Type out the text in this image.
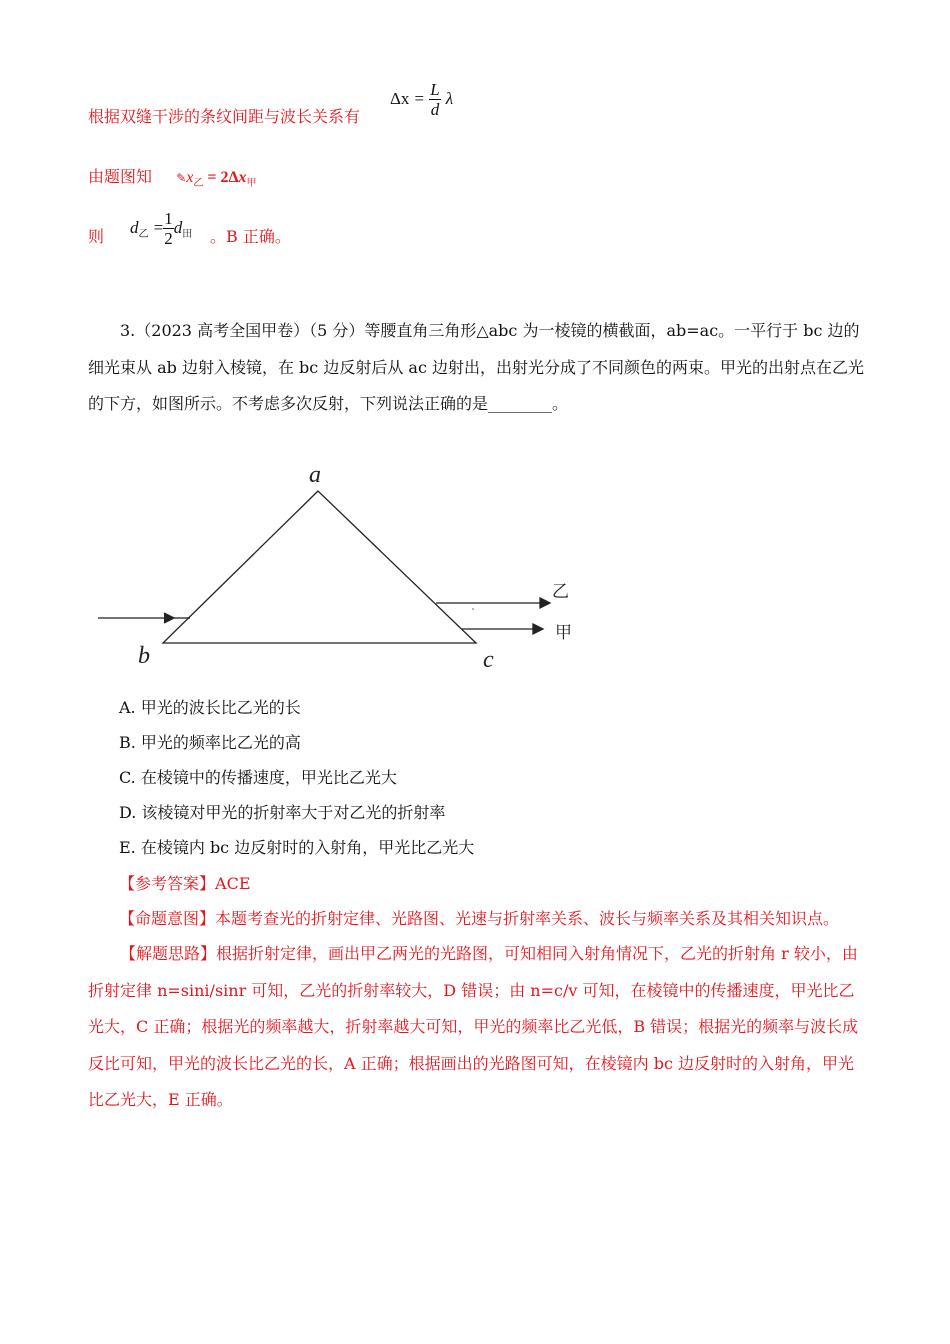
根据双缝干涉的条纹间距与波长关系有
$\Delta x = \frac{L}{d}$ λ
由题图知 $✎x_乙 = 2\Delta x_甲$
则 $d_乙 = \frac{1}{2} d_田$ 。B 正确。
3.（2023 高考全国甲卷）（5 分）等腰直角三角形△abc 为一棱镜的横截面，ab=ac。一平行于 bc 边的细光束从 ab 边射入棱镜，在 bc 边反射后从 ac 边射出，出射光分成了不同颜色的两束。甲光的出射点在乙光的下方，如图所示。不考虑多次反射，下列说法正确的是________。
a
b	c
乙
甲
A. 甲光的波长比乙光的长
B. 甲光的频率比乙光的高
C. 在棱镜中的传播速度，甲光比乙光大
D. 该棱镜对甲光的折射率大于对乙光的折射率
E. 在棱镜内 bc 边反射时的入射角，甲光比乙光大
【参考答案】ACE
【命题意图】本题考查光的折射定律、光路图、光速与折射率关系、波长与频率关系及其相关知识点。
【解题思路】根据折射定律，画出甲乙两光的光路图，可知相同入射角情况下，乙光的折射角 r 较小，由折射定律 n=sini/sinr 可知，乙光的折射率较大，D 错误；由 n=c/v 可知，在棱镜中的传播速度，甲光比乙光大，C 正确；根据光的频率越大，折射率越大可知，甲光的频率比乙光低，B 错误；根据光的频率与波长成反比可知，甲光的波长比乙光的长，A 正确；根据画出的光路图可知，在棱镜内 bc 边反射时的入射角，甲光比乙光大，E 正确。
